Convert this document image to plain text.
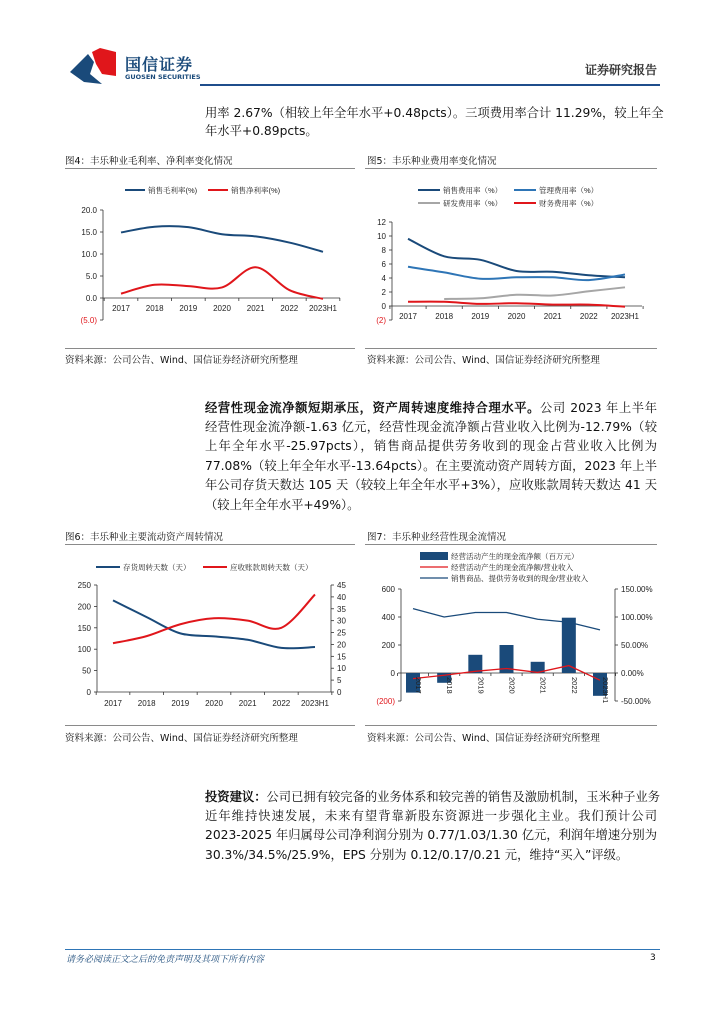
国信证券
GUOSEN SECURITIES	证券研究报告
用率 2.67%（相较上年全年水平+0.48pcts）。三项费用率合计 11.29%，较上年全
年水平+0.89pcts。
图4：丰乐种业毛利率、净利率变化情况	图5：丰乐种业费用率变化情况
资料来源：公司公告、Wind、国信证券经济研究所整理	资料来源：公司公告、Wind、国信证券经济研究所整理
经营性现金流净额短期承压，资产周转速度维持合理水平。公司 2023 年上半年
经营性现金流净额-1.63 亿元，经营性现金流净额占营业收入比例为-12.79%（较
上年全年水平-25.97pcts），销售商品提供劳务收到的现金占营业收入比例为
77.08%（较上年全年水平-13.64pcts）。在主要流动资产周转方面，2023 年上半
年公司存货天数达 105 天（较较上年全年水平+3%），应收账款周转天数达 41 天
（较上年全年水平+49%）。
图6：丰乐种业主要流动资产周转情况	图7：丰乐种业经营性现金流情况
资料来源：公司公告、Wind、国信证券经济研究所整理	资料来源：公司公告、Wind、国信证券经济研究所整理
投资建议：公司已拥有较完备的业务体系和较完善的销售及激励机制，玉米种子业务
近年维持快速发展，未来有望背靠新股东资源进一步强化主业。我们预计公司
2023-2025 年归属母公司净利润分别为 0.77/1.03/1.30 亿元，利润年增速分别为
30.3%/34.5%/25.9%，EPS 分别为 0.12/0.17/0.21 元，维持“买入”评级。
请务必阅读正文之后的免责声明及其项下所有内容	3
20.0
15.0
10.0
5.0
0.0
(5.0)
销售毛利率(%)	销售净利率(%)
2017 2018 2019 2020 2021 2022 2023H1
12
10
8
6
4
2
0
(2)
销售费用率（%）	管理费用率（%）
研发费用率（%）	财务费用率（%）
2017 2018 2019 2020 2021 2022 2023H1
250
200
150
100
50
0
45
40
35
30
25
20
15
10
5
0
存货周转天数（天）	应收账款周转天数（天）
2017 2018 2019 2020 2021 2022 2023H1
600
400
200
0
(200)
150.00%
100.00%
50.00%
0.00%
-50.00%
经营活动产生的现金流净额（百万元）
经营活动产生的现金流净额/营业收入
销售商品、提供劳务收到的现金/营业收入
2017	2018	2019	2020	2021	2022	2023H1
